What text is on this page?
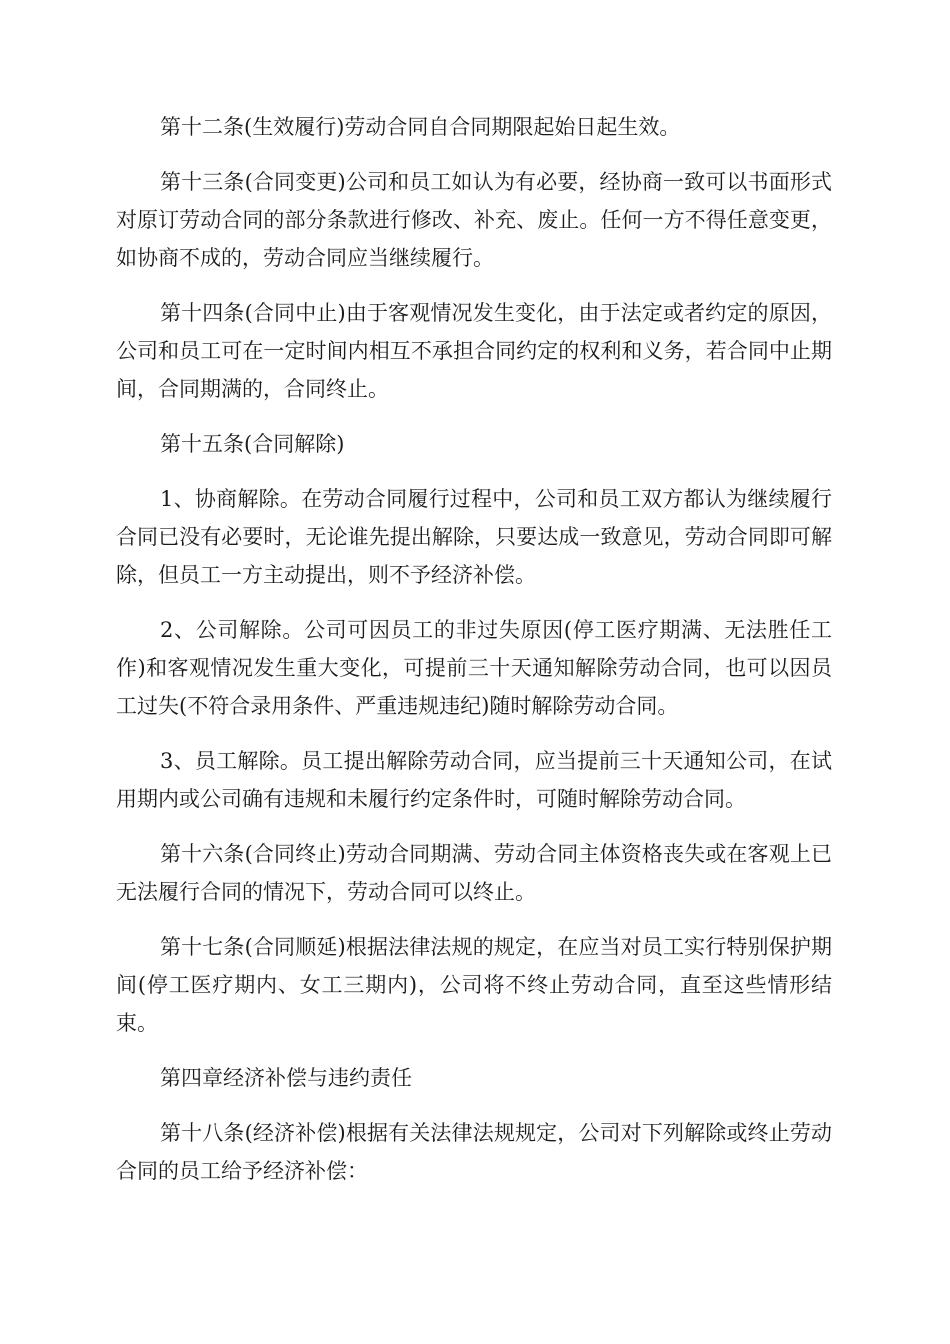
第十二条(生效履行)劳动合同自合同期限起始日起生效。

第十三条(合同变更)公司和员工如认为有必要，经协商一致可以书面形式对原订劳动合同的部分条款进行修改、补充、废止。任何一方不得任意变更，如协商不成的，劳动合同应当继续履行。

第十四条(合同中止)由于客观情况发生变化，由于法定或者约定的原因，公司和员工可在一定时间内相互不承担合同约定的权利和义务，若合同中止期间，合同期满的，合同终止。

第十五条(合同解除)

1、协商解除。在劳动合同履行过程中，公司和员工双方都认为继续履行合同已没有必要时，无论谁先提出解除，只要达成一致意见，劳动合同即可解除，但员工一方主动提出，则不予经济补偿。

2、公司解除。公司可因员工的非过失原因(停工医疗期满、无法胜任工作)和客观情况发生重大变化，可提前三十天通知解除劳动合同，也可以因员工过失(不符合录用条件、严重违规违纪)随时解除劳动合同。

3、员工解除。员工提出解除劳动合同，应当提前三十天通知公司，在试用期内或公司确有违规和未履行约定条件时，可随时解除劳动合同。

第十六条(合同终止)劳动合同期满、劳动合同主体资格丧失或在客观上已无法履行合同的情况下，劳动合同可以终止。

第十七条(合同顺延)根据法律法规的规定，在应当对员工实行特别保护期间(停工医疗期内、女工三期内)，公司将不终止劳动合同，直至这些情形结束。

第四章经济补偿与违约责任

第十八条(经济补偿)根据有关法律法规规定，公司对下列解除或终止劳动合同的员工给予经济补偿：
